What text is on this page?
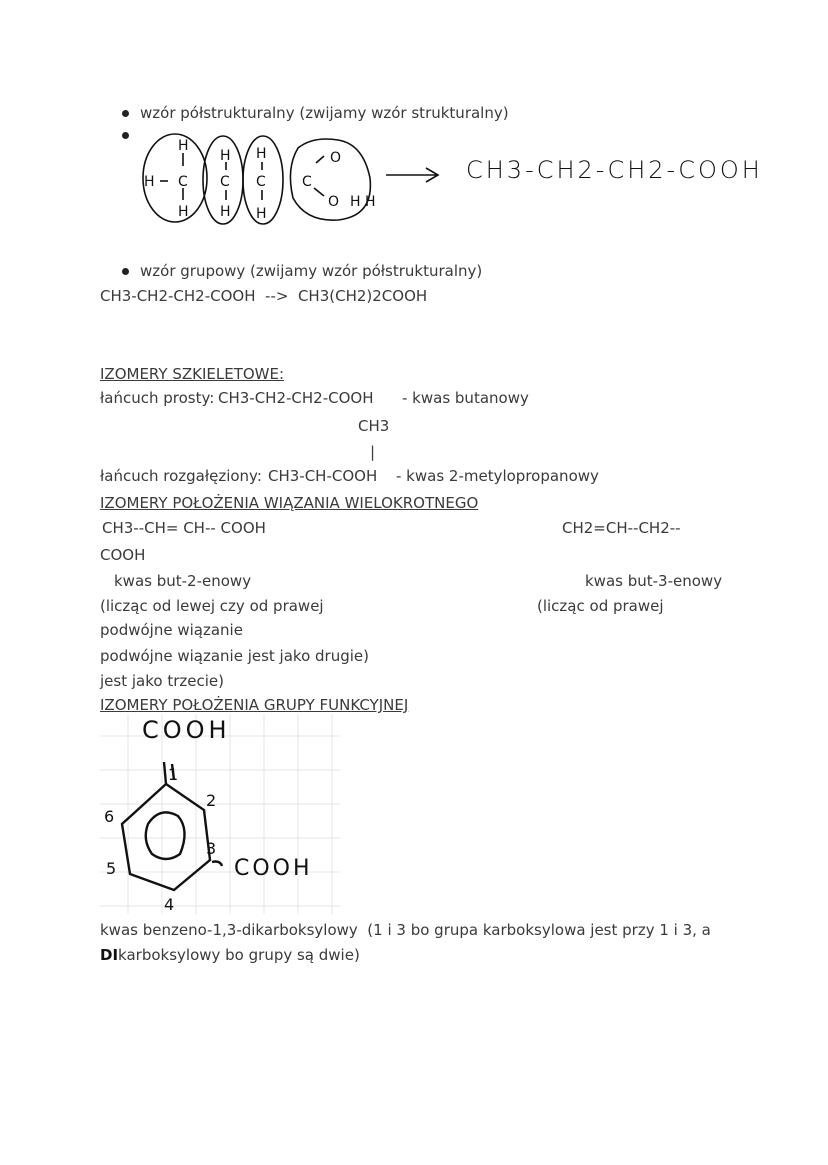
wzór półstrukturalny (zwijamy wzór strukturalny)
H C C C
H
H
H
H
H
H
H
C
O
O H
CH3-CH2-CH2-COOH
wzór grupowy (zwijamy wzór półstrukturalny)
CH3-CH2-CH2-COOH  -->  CH3(CH2)2COOH
IZOMERY SZKIELETOWE:
łańcuch prosty: CH3-CH2-CH2-COOH - kwas butanowy
CH3
|
łańcuch rozgałęziony: CH3-CH-COOH - kwas 2-metylopropanowy
IZOMERY POŁOŻENIA WIĄZANIA WIELOKROTNEGO
CH3--CH= CH-- COOH	CH2=CH--CH2--
COOH
kwas but-2-enowy	kwas but-3-enowy
(licząc od lewej czy od prawej	(licząc od prawej
podwójne wiązanie
podwójne wiązanie jest jako drugie)
jest jako trzecie)
IZOMERY POŁOŻENIA GRUPY FUNKCYJNEJ
1
2
3
4
5
6
COOH
COOH
kwas benzeno-1,3-dikarboksylowy  (1 i 3 bo grupa karboksylowa jest przy 1 i 3, a
DIkarboksylowy bo grupy są dwie)
